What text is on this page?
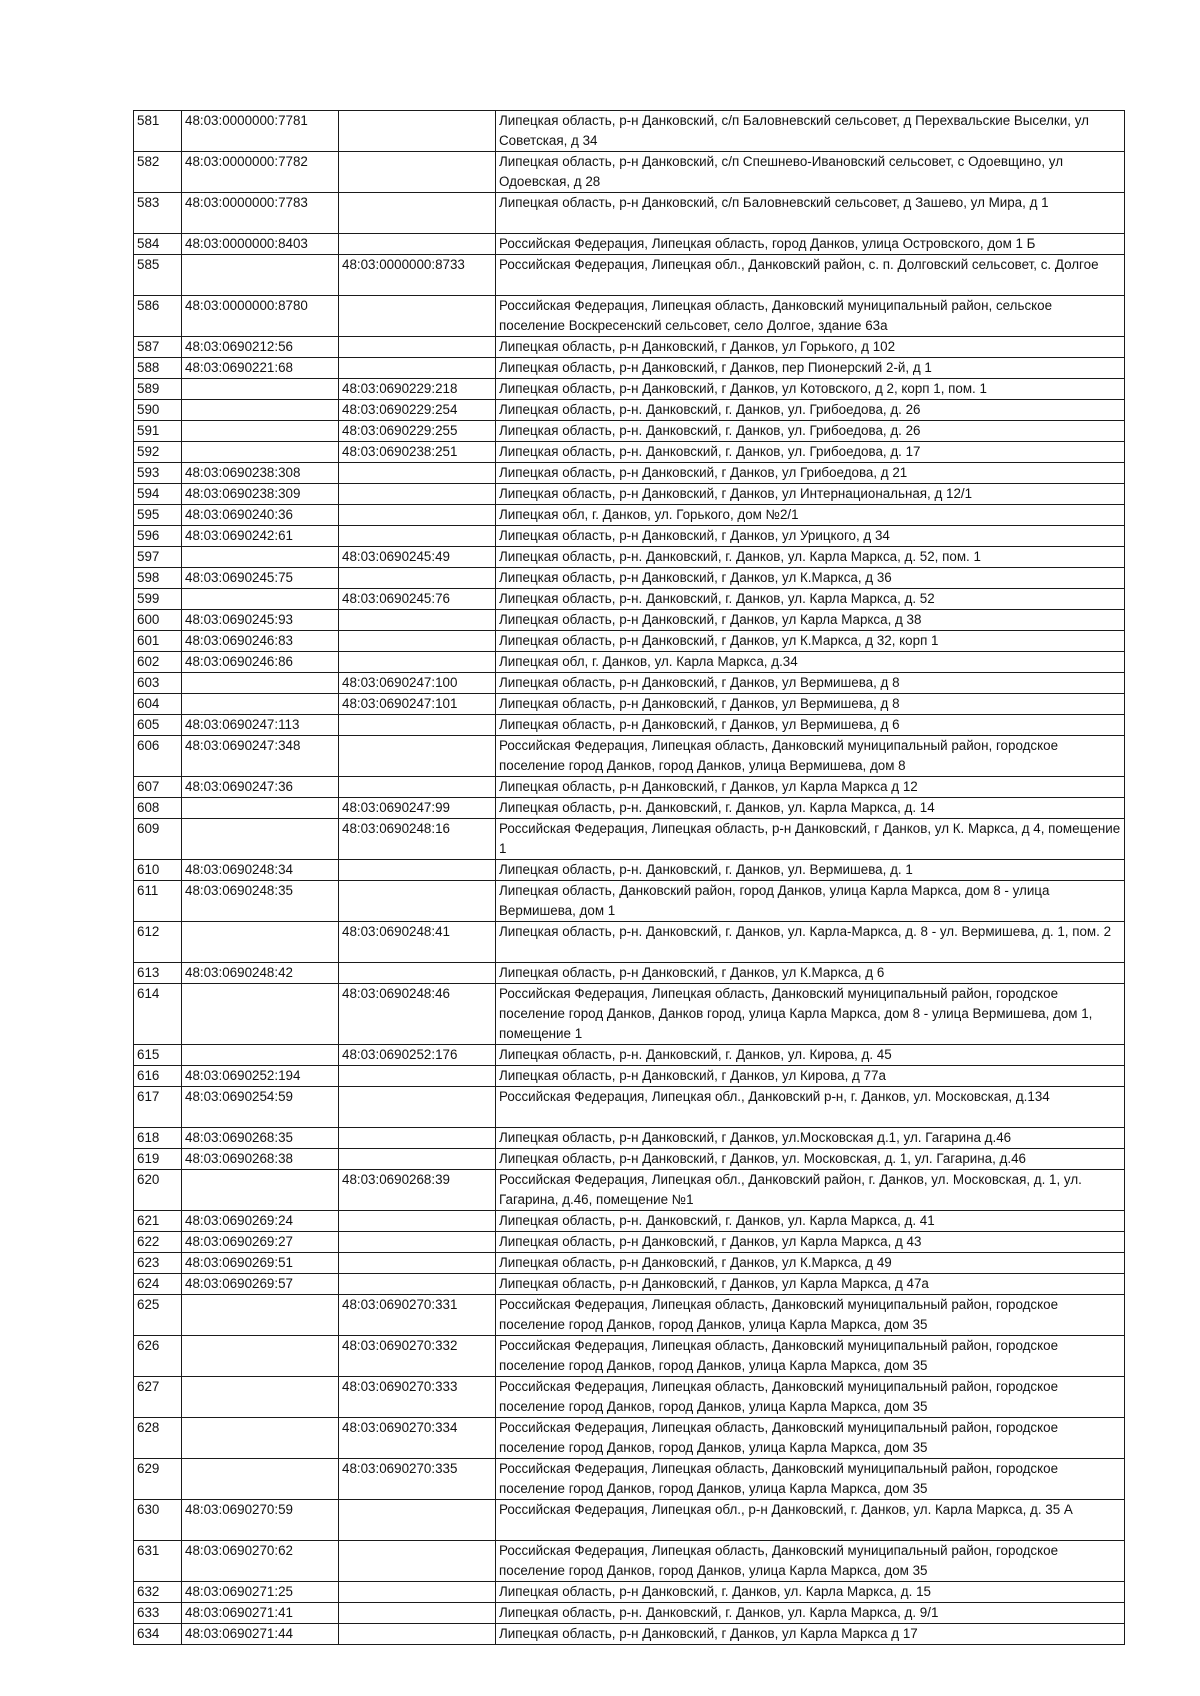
581	48:03:0000000:7781		Липецкая область, р-н Данковский, с/п Баловневский сельсовет, д Перехвальские Выселки, ул Советская, д 34
582	48:03:0000000:7782		Липецкая область, р-н Данковский, с/п Спешнево-Ивановский сельсовет, с Одоевщино, ул Одоевская, д 28
583	48:03:0000000:7783		Липецкая область, р-н Данковский, с/п Баловневский сельсовет, д Зашево, ул Мира, д 1
584	48:03:0000000:8403		Российская Федерация, Липецкая область, город Данков, улица Островского, дом 1 Б
585		48:03:0000000:8733	Российская Федерация, Липецкая обл., Данковский район, с. п. Долговский сельсовет, с. Долгое
586	48:03:0000000:8780		Российская Федерация, Липецкая область, Данковский муниципальный район, сельское поселение Воскресенский сельсовет, село Долгое, здание 63а
587	48:03:0690212:56		Липецкая область, р-н Данковский, г Данков, ул Горького, д 102
588	48:03:0690221:68		Липецкая область, р-н Данковский, г Данков, пер Пионерский 2-й, д 1
589		48:03:0690229:218	Липецкая область, р-н Данковский, г Данков, ул Котовского, д 2, корп 1, пом. 1
590		48:03:0690229:254	Липецкая область, р-н. Данковский, г. Данков, ул. Грибоедова, д. 26
591		48:03:0690229:255	Липецкая область, р-н. Данковский, г. Данков, ул. Грибоедова, д. 26
592		48:03:0690238:251	Липецкая область, р-н. Данковский, г. Данков, ул. Грибоедова, д. 17
593	48:03:0690238:308		Липецкая область, р-н Данковский, г Данков, ул Грибоедова, д 21
594	48:03:0690238:309		Липецкая область, р-н Данковский, г Данков, ул Интернациональная, д 12/1
595	48:03:0690240:36		Липецкая обл, г. Данков, ул. Горького, дом №2/1
596	48:03:0690242:61		Липецкая область, р-н Данковский, г Данков, ул Урицкого, д 34
597		48:03:0690245:49	Липецкая область, р-н. Данковский, г. Данков, ул. Карла Маркса, д. 52, пом. 1
598	48:03:0690245:75		Липецкая область, р-н Данковский, г Данков, ул К.Маркса, д 36
599		48:03:0690245:76	Липецкая область, р-н. Данковский, г. Данков, ул. Карла Маркса, д. 52
600	48:03:0690245:93		Липецкая область, р-н Данковский, г Данков, ул Карла Маркса, д 38
601	48:03:0690246:83		Липецкая область, р-н Данковский, г Данков, ул К.Маркса, д 32, корп 1
602	48:03:0690246:86		Липецкая обл, г. Данков, ул. Карла Маркса, д.34
603		48:03:0690247:100	Липецкая область, р-н Данковский, г Данков, ул Вермишева, д 8
604		48:03:0690247:101	Липецкая область, р-н Данковский, г Данков, ул Вермишева, д 8
605	48:03:0690247:113		Липецкая область, р-н Данковский, г Данков, ул Вермишева, д 6
606	48:03:0690247:348		Российская Федерация, Липецкая область, Данковский муниципальный район, городское поселение город Данков, город Данков, улица Вермишева, дом 8
607	48:03:0690247:36		Липецкая область, р-н Данковский, г Данков, ул Карла Маркса д 12
608		48:03:0690247:99	Липецкая область, р-н. Данковский, г. Данков, ул. Карла Маркса, д. 14
609		48:03:0690248:16	Российская Федерация, Липецкая область, р-н Данковский, г Данков, ул К. Маркса, д 4, помещение 1
610	48:03:0690248:34		Липецкая область, р-н. Данковский, г. Данков, ул. Вермишева, д. 1
611	48:03:0690248:35		Липецкая область, Данковский район, город Данков, улица Карла Маркса, дом 8 - улица Вермишева, дом 1
612		48:03:0690248:41	Липецкая область, р-н. Данковский, г. Данков, ул. Карла-Маркса, д. 8 - ул. Вермишева, д. 1, пом. 2
613	48:03:0690248:42		Липецкая область, р-н Данковский, г Данков, ул К.Маркса, д 6
614		48:03:0690248:46	Российская Федерация, Липецкая область, Данковский муниципальный район, городское поселение город Данков, Данков город, улица Карла Маркса, дом 8 - улица Вермишева, дом 1, помещение 1
615		48:03:0690252:176	Липецкая область, р-н. Данковский, г. Данков, ул. Кирова, д. 45
616	48:03:0690252:194		Липецкая область, р-н Данковский, г Данков, ул Кирова, д 77а
617	48:03:0690254:59		Российская Федерация, Липецкая обл., Данковский р-н, г. Данков, ул. Московская, д.134
618	48:03:0690268:35		Липецкая область, р-н Данковский, г Данков, ул.Московская д.1, ул. Гагарина д.46
619	48:03:0690268:38		Липецкая область, р-н Данковский, г Данков, ул. Московская, д. 1, ул. Гагарина, д.46
620		48:03:0690268:39	Российская Федерация, Липецкая обл., Данковский район, г. Данков, ул. Московская, д. 1, ул. Гагарина, д.46, помещение №1
621	48:03:0690269:24		Липецкая область, р-н. Данковский, г. Данков, ул. Карла Маркса, д. 41
622	48:03:0690269:27		Липецкая область, р-н Данковский, г Данков, ул Карла Маркса, д 43
623	48:03:0690269:51		Липецкая область, р-н Данковский, г Данков, ул К.Маркса, д 49
624	48:03:0690269:57		Липецкая область, р-н Данковский, г Данков, ул Карла Маркса, д 47а
625		48:03:0690270:331	Российская Федерация, Липецкая область, Данковский муниципальный район, городское поселение город Данков, город Данков, улица Карла Маркса, дом 35
626		48:03:0690270:332	Российская Федерация, Липецкая область, Данковский муниципальный район, городское поселение город Данков, город Данков, улица Карла Маркса, дом 35
627		48:03:0690270:333	Российская Федерация, Липецкая область, Данковский муниципальный район, городское поселение город Данков, город Данков, улица Карла Маркса, дом 35
628		48:03:0690270:334	Российская Федерация, Липецкая область, Данковский муниципальный район, городское поселение город Данков, город Данков, улица Карла Маркса, дом 35
629		48:03:0690270:335	Российская Федерация, Липецкая область, Данковский муниципальный район, городское поселение город Данков, город Данков, улица Карла Маркса, дом 35
630	48:03:0690270:59		Российская Федерация, Липецкая обл., р-н Данковский, г. Данков, ул. Карла Маркса, д. 35 А
631	48:03:0690270:62		Российская Федерация, Липецкая область, Данковский муниципальный район, городское поселение город Данков, город Данков, улица Карла Маркса, дом 35
632	48:03:0690271:25		Липецкая область, р-н Данковский, г. Данков, ул. Карла Маркса, д. 15
633	48:03:0690271:41		Липецкая область, р-н. Данковский, г. Данков, ул. Карла Маркса, д. 9/1
634	48:03:0690271:44		Липецкая область, р-н Данковский, г Данков, ул Карла Маркса д 17
